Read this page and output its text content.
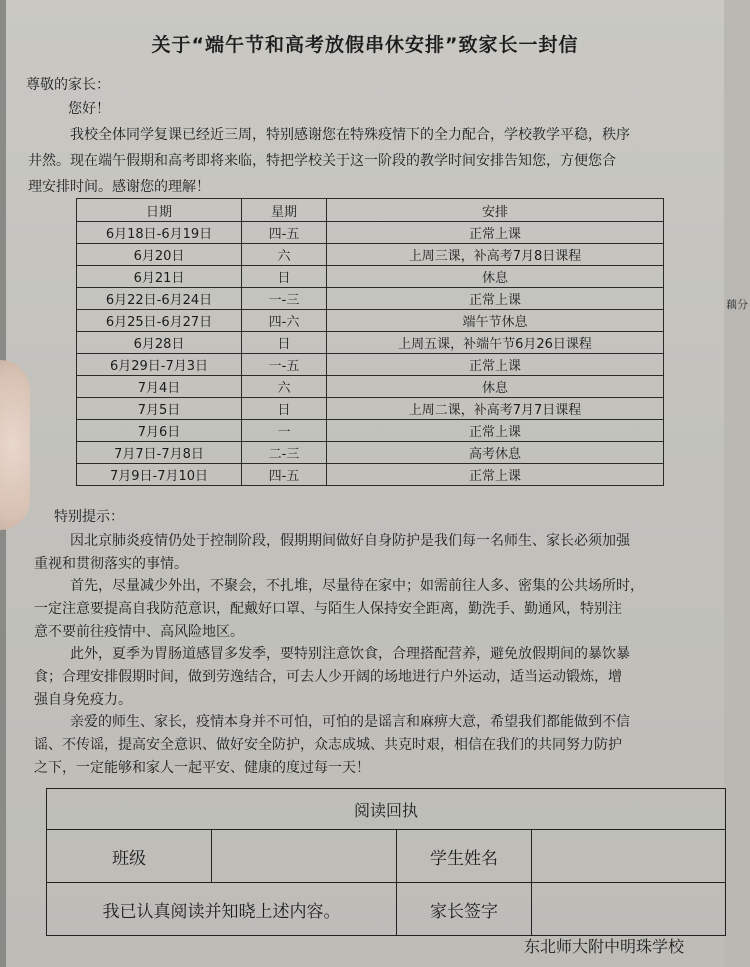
藕分
关于“端午节和高考放假串休安排”致家长一封信
尊敬的家长：
您好！
我校全体同学复课已经近三周，特别感谢您在特殊疫情下的全力配合，学校教学平稳，秩序
井然。现在端午假期和高考即将来临，特把学校关于这一阶段的教学时间安排告知您，方便您合
理安排时间。感谢您的理解！
日期	星期	安排
6月18日-6月19日	四-五	正常上课
6月20日	六	上周三课，补高考7月8日课程
6月21日	日	休息
6月22日-6月24日	一-三	正常上课
6月25日-6月27日	四-六	端午节休息
6月28日	日	上周五课，补端午节6月26日课程
6月29日-7月3日	一-五	正常上课
7月4日	六	休息
7月5日	日	上周二课，补高考7月7日课程
7月6日	一	正常上课
7月7日-7月8日	二-三	高考休息
7月9日-7月10日	四-五	正常上课
特别提示：
因北京肺炎疫情仍处于控制阶段，假期期间做好自身防护是我们每一名师生、家长必须加强
重视和贯彻落实的事情。
首先，尽量减少外出，不聚会，不扎堆，尽量待在家中；如需前往人多、密集的公共场所时，
一定注意要提高自我防范意识，配戴好口罩、与陌生人保持安全距离，勤洗手、勤通风，特别注
意不要前往疫情中、高风险地区。
此外，夏季为胃肠道感冒多发季，要特别注意饮食，合理搭配营养，避免放假期间的暴饮暴
食；合理安排假期时间，做到劳逸结合，可去人少开阔的场地进行户外运动，适当运动锻炼，增
强自身免疫力。
亲爱的师生、家长，疫情本身并不可怕，可怕的是谣言和麻痹大意，希望我们都能做到不信
谣、不传谣，提高安全意识、做好安全防护，众志成城、共克时艰，相信在我们的共同努力防护
之下，一定能够和家人一起平安、健康的度过每一天！
阅读回执			
班级		学生姓名	
我已认真阅读并知晓上述内容。		家长签字	
东北师大附中明珠学校
